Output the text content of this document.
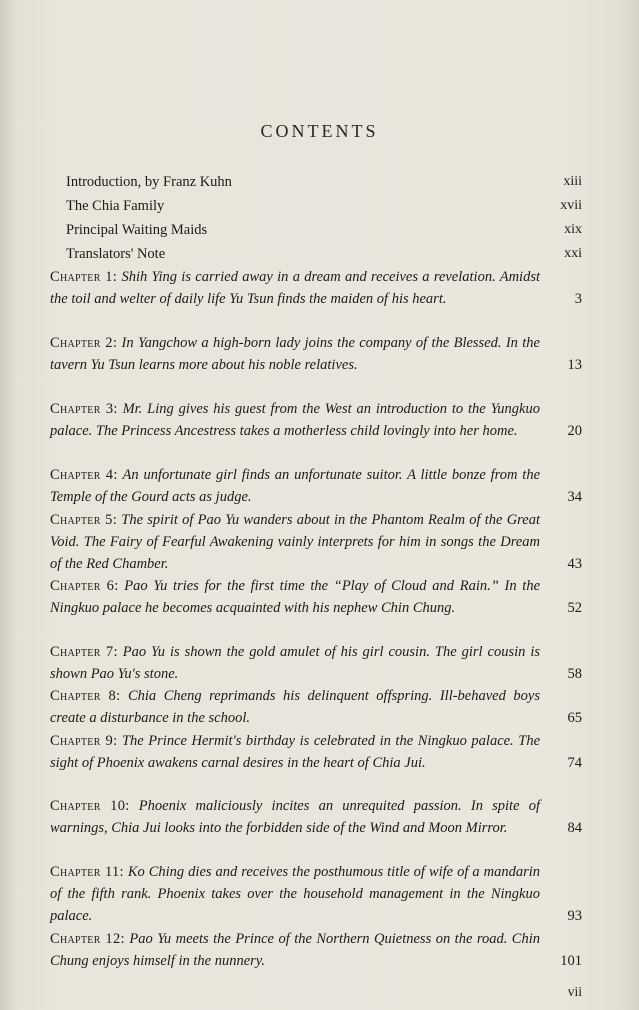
CONTENTS
Introduction, by Franz Kuhn	xiii
The Chia Family	xvii
Principal Waiting Maids	xix
Translators' Note	xxi
Chapter 1: Shih Ying is carried away in a dream and receives a revelation. Amidst the toil and welter of daily life Yu Tsun finds the maiden of his heart.	3
Chapter 2: In Yangchow a high-born lady joins the company of the Blessed. In the tavern Yu Tsun learns more about his noble relatives.	13
Chapter 3: Mr. Ling gives his guest from the West an introduction to the Yungkuo palace. The Princess Ancestress takes a motherless child lovingly into her home.	20
Chapter 4: An unfortunate girl finds an unfortunate suitor. A little bonze from the Temple of the Gourd acts as judge.	34
Chapter 5: The spirit of Pao Yu wanders about in the Phantom Realm of the Great Void. The Fairy of Fearful Awakening vainly interprets for him in songs the Dream of the Red Chamber.	43
Chapter 6: Pao Yu tries for the first time the “Play of Cloud and Rain.” In the Ningkuo palace he becomes acquainted with his nephew Chin Chung.	52
Chapter 7: Pao Yu is shown the gold amulet of his girl cousin. The girl cousin is shown Pao Yu's stone.	58
Chapter 8: Chia Cheng reprimands his delinquent offspring. Ill-behaved boys create a disturbance in the school.	65
Chapter 9: The Prince Hermit's birthday is celebrated in the Ningkuo palace. The sight of Phoenix awakens carnal desires in the heart of Chia Jui.	74
Chapter 10: Phoenix maliciously incites an unrequited passion. In spite of warnings, Chia Jui looks into the forbidden side of the Wind and Moon Mirror.	84
Chapter 11: Ko Ching dies and receives the posthumous title of wife of a mandarin of the fifth rank. Phoenix takes over the household management in the Ningkuo palace.	93
Chapter 12: Pao Yu meets the Prince of the Northern Quietness on the road. Chin Chung enjoys himself in the nunnery.	101
vii
